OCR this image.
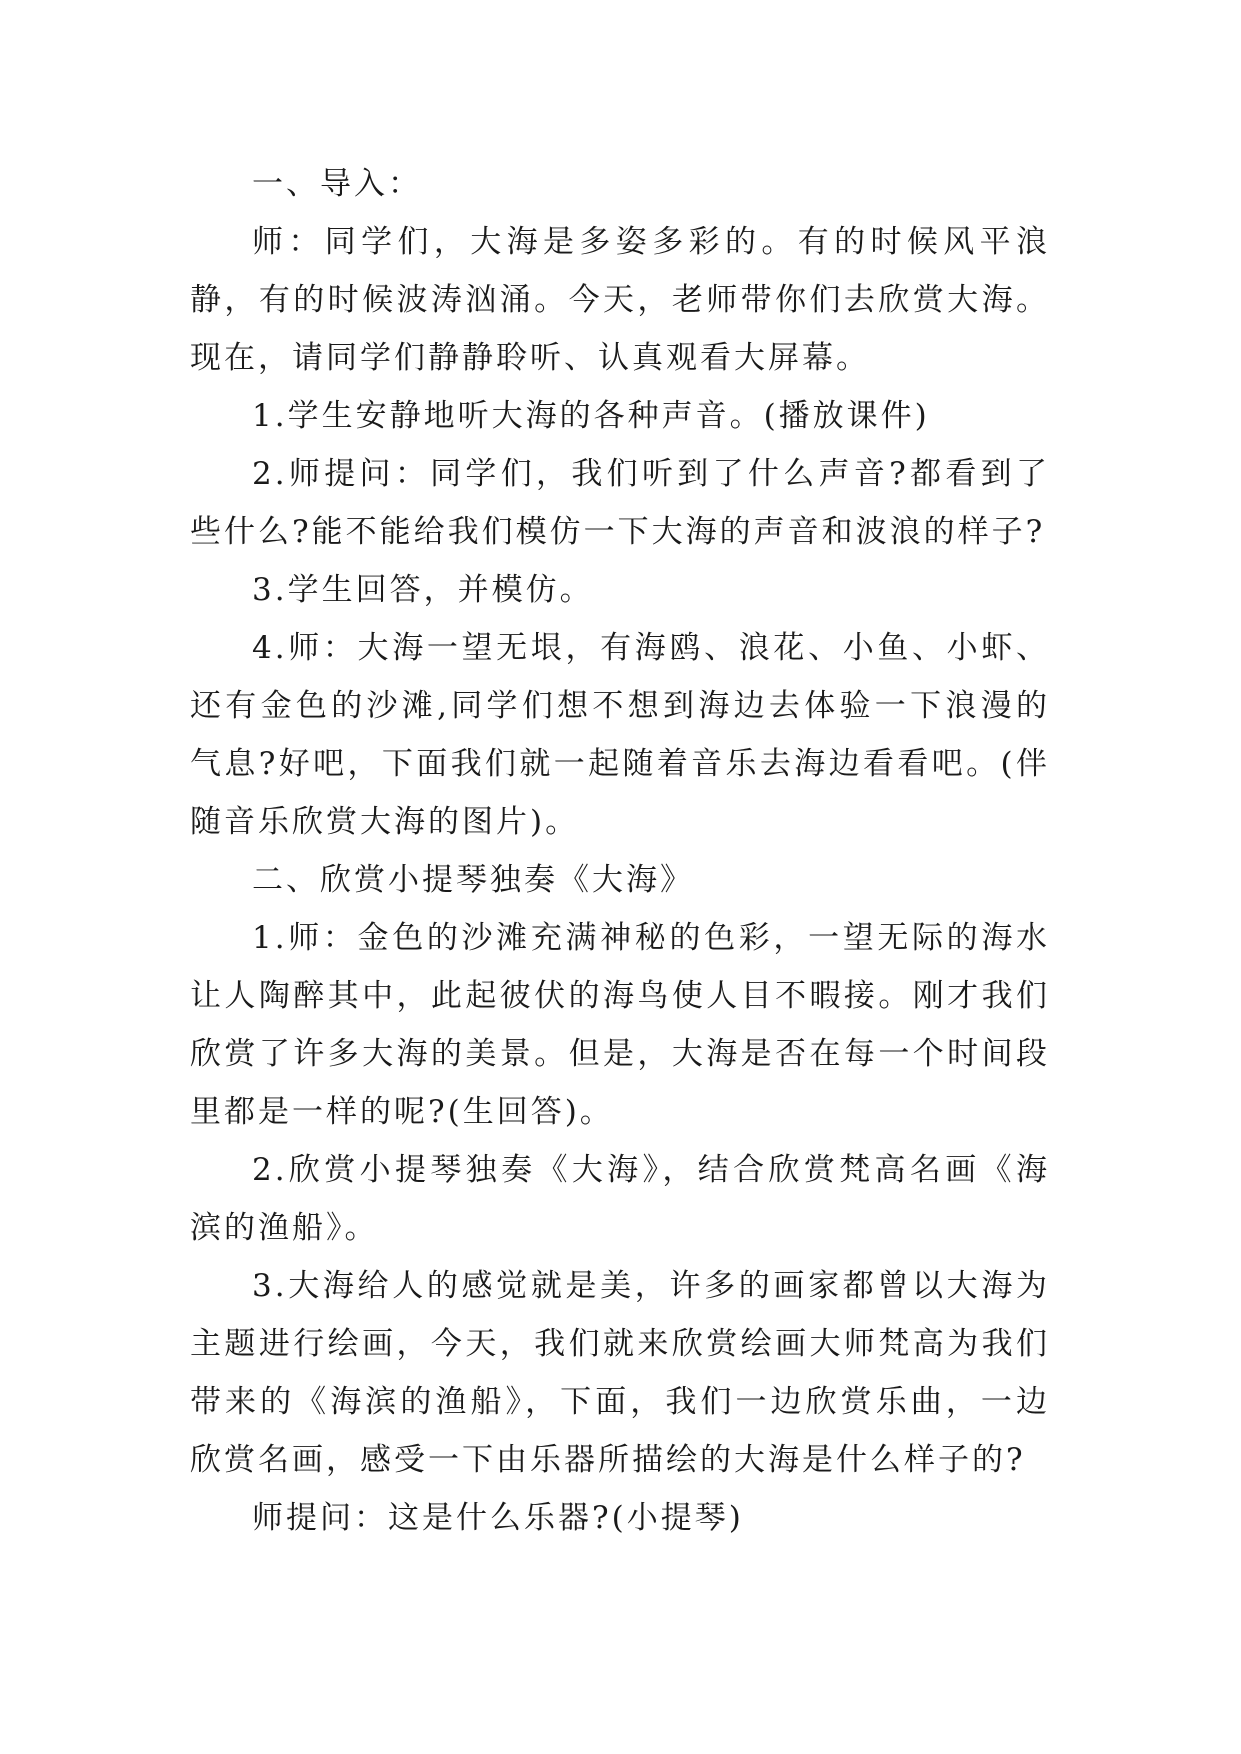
一、导入：

师：同学们，大海是多姿多彩的。有的时候风平浪静，有的时候波涛汹涌。今天，老师带你们去欣赏大海。现在，请同学们静静聆听、认真观看大屏幕。

1.学生安静地听大海的各种声音。(播放课件)

2.师提问：同学们，我们听到了什么声音?都看到了些什么?能不能给我们模仿一下大海的声音和波浪的样子?

3.学生回答，并模仿。

4.师：大海一望无垠，有海鸥、浪花、小鱼、小虾、还有金色的沙滩,同学们想不想到海边去体验一下浪漫的气息?好吧，下面我们就一起随着音乐去海边看看吧。(伴随音乐欣赏大海的图片)。

二、欣赏小提琴独奏《大海》

1.师：金色的沙滩充满神秘的色彩，一望无际的海水让人陶醉其中，此起彼伏的海鸟使人目不暇接。刚才我们欣赏了许多大海的美景。但是，大海是否在每一个时间段里都是一样的呢?(生回答)。

2.欣赏小提琴独奏《大海》，结合欣赏梵高名画《海滨的渔船》。

3.大海给人的感觉就是美，许多的画家都曾以大海为主题进行绘画，今天，我们就来欣赏绘画大师梵高为我们带来的《海滨的渔船》，下面，我们一边欣赏乐曲，一边欣赏名画，感受一下由乐器所描绘的大海是什么样子的?

师提问：这是什么乐器?(小提琴)
